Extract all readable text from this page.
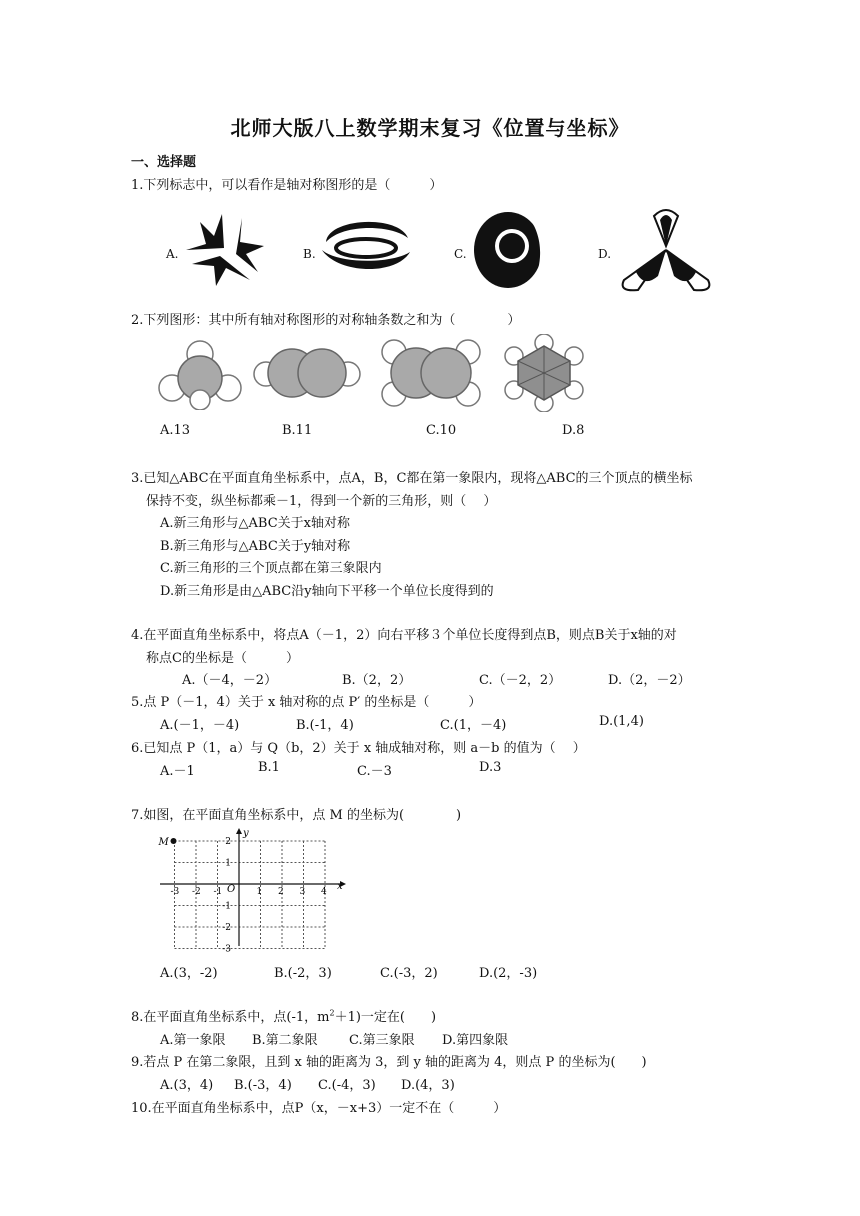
北师大版八上数学期末复习《位置与坐标》
一、选择题
1.下列标志中，可以看作是轴对称图形的是（　　　）
A.	B.	C.	D.
2.下列图形：其中所有轴对称图形的对称轴条数之和为（　　　　）
A.13	B.11	C.10	D.8
3.已知△ABC在平面直角坐标系中，点A，B，C都在第一象限内，现将△ABC的三个顶点的横坐标
保持不变，纵坐标都乘－1，得到一个新的三角形，则（　 ）
A.新三角形与△ABC关于x轴对称
B.新三角形与△ABC关于y轴对称
C.新三角形的三个顶点都在第三象限内
D.新三角形是由△ABC沿y轴向下平移一个单位长度得到的
4.在平面直角坐标系中，将点A（－1，2）向右平移３个单位长度得到点B，则点B关于x轴的对
称点C的坐标是（　　　）
A.（－4，－2）	B.（2，2）	C.（－2，2）	D.（2，－2）
5.点 P（－1，4）关于 x 轴对称的点 P′ 的坐标是（　　　）
A.(－1，－4)	B.(-1，4)	C.(1，－4)	D.(1,4)
6.已知点 P（1，a）与 Q（b，2）关于 x 轴成轴对称，则 a－b 的值为（　 ）
A.－1	B.1	C.－3	D.3
7.如图，在平面直角坐标系中，点 M 的坐标为(　　　　)
x
y
O
-3 -2 -1	1 2 3 4
2
1
-1
-2
-3
M
A.(3，-2)	B.(-2，3)	C.(-3，2)	D.(2，-3)
8.在平面直角坐标系中，点(-1，$m^2+1$)一定在(　　)
A.第一象限 B.第二象限 C.第三象限 D.第四象限
9.若点 P 在第二象限，且到 x 轴的距离为 3，到 y 轴的距离为 4，则点 P 的坐标为(　　)
A.(3，4) B.(-3，4) C.(-4，3) D.(4，3)
10.在平面直角坐标系中，点P（x，－x+3）一定不在（　　　）
